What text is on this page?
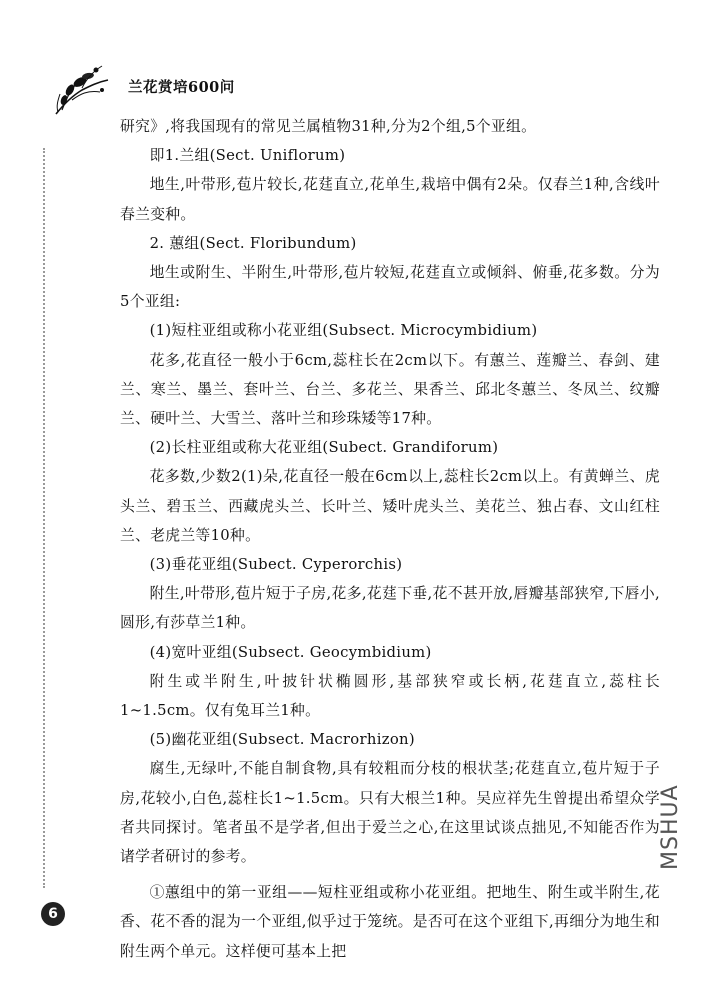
兰花赏培600问

研究》,将我国现有的常见兰属植物31种,分为2个组,5个亚组。

即1.兰组(Sect. Uniflorum)

地生,叶带形,苞片较长,花莛直立,花单生,栽培中偶有2朵。仅春兰1种,含线叶春兰变种。

2. 蕙组(Sect. Floribundum)

地生或附生、半附生,叶带形,苞片较短,花莛直立或倾斜、俯垂,花多数。分为5个亚组:

(1)短柱亚组或称小花亚组(Subsect. Microcymbidium)

花多,花直径一般小于6cm,蕊柱长在2cm以下。有蕙兰、莲瓣兰、春剑、建兰、寒兰、墨兰、套叶兰、台兰、多花兰、果香兰、邱北冬蕙兰、冬凤兰、纹瓣兰、硬叶兰、大雪兰、落叶兰和珍珠矮等17种。

(2)长柱亚组或称大花亚组(Subect. Grandiforum)

花多数,少数2(1)朵,花直径一般在6cm以上,蕊柱长2cm以上。有黄蝉兰、虎头兰、碧玉兰、西藏虎头兰、长叶兰、矮叶虎头兰、美花兰、独占春、文山红柱兰、老虎兰等10种。

(3)垂花亚组(Subect. Cyperorchis)

附生,叶带形,苞片短于子房,花多,花莛下垂,花不甚开放,唇瓣基部狭窄,下唇小,圆形,有莎草兰1种。

(4)宽叶亚组(Subsect. Geocymbidium)

附生或半附生,叶披针状椭圆形,基部狭窄或长柄,花莛直立,蕊柱长1~1.5cm。仅有兔耳兰1种。

(5)幽花亚组(Subsect. Macrorhizon)

腐生,无绿叶,不能自制食物,具有较粗而分枝的根状茎;花莛直立,苞片短于子房,花较小,白色,蕊柱长1~1.5cm。只有大根兰1种。吴应祥先生曾提出希望众学者共同探讨。笔者虽不是学者,但出于爱兰之心,在这里试谈点拙见,不知能否作为诸学者研讨的参考。

①蕙组中的第一亚组——短柱亚组或称小花亚组。把地生、附生或半附生,花香、花不香的混为一个亚组,似乎过于笼统。是否可在这个亚组下,再细分为地生和附生两个单元。这样便可基本上把

6
MSHUA
